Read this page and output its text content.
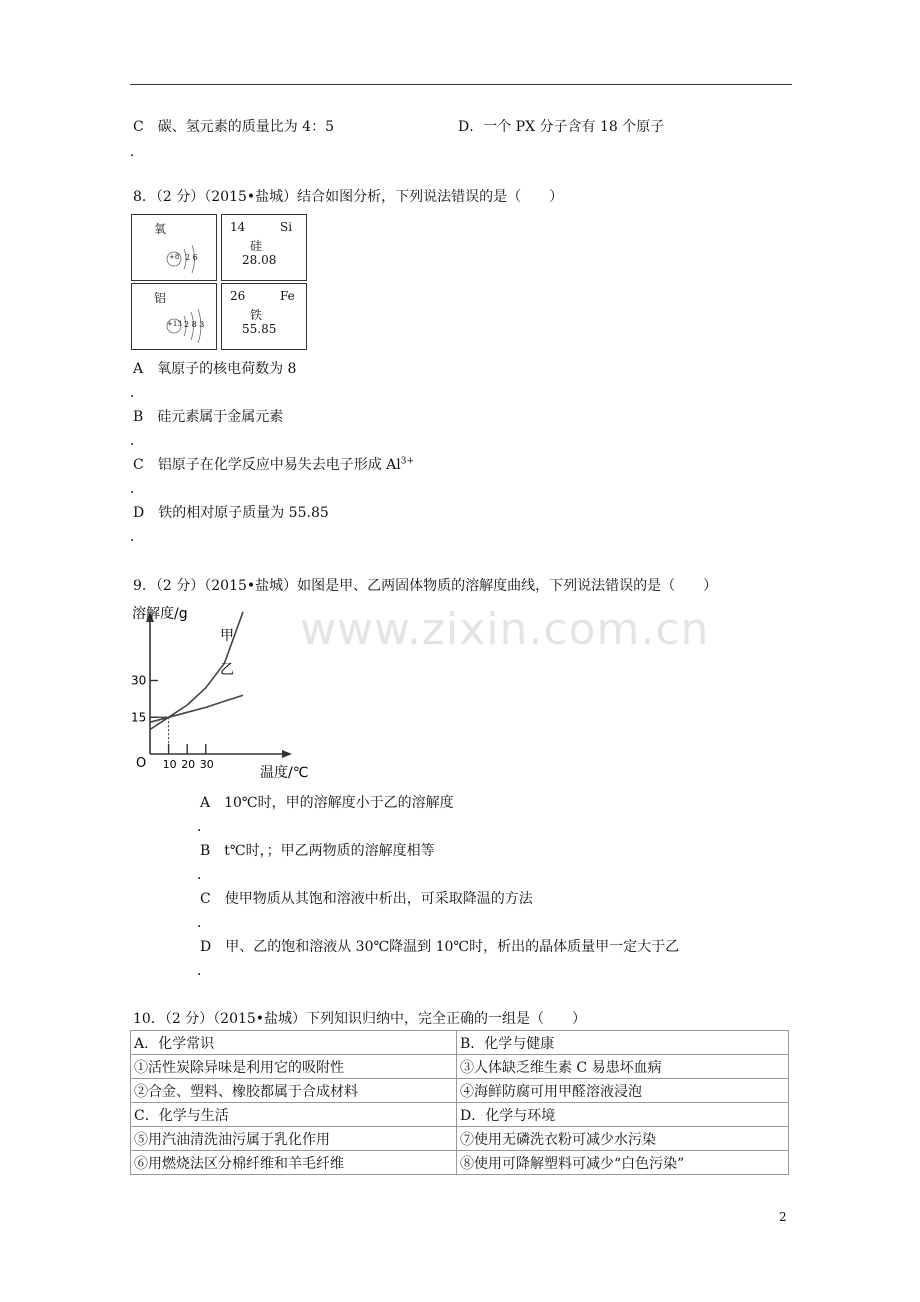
C　碳、氢元素的质量比为 4：5	D．一个 PX 分子含有 18 个原子
．
8．（2 分）（2015•盐城）结合如图分析，下列说法错误的是（　　）
氧
+8 2 6
14	Si
硅
28.08
铝
+13 2 8 3
26	Fe
铁
55.85
A　氧原子的核电荷数为 8
．
B　硅元素属于金属元素
．
C　铝原子在化学反应中易失去电子形成 $Al^{3+}$
．
D　铁的相对原子质量为 55.85
．
9．（2 分）（2015•盐城）如图是甲、乙两固体物质的溶解度曲线，下列说法错误的是（　　）
www.zixin.com.cn
溶解度/g
温度/℃
O 10 20 30
15
30
甲
乙
A　10℃时，甲的溶解度小于乙的溶解度
．
B　t℃时，；甲乙两物质的溶解度相等
．
C　使甲物质从其饱和溶液中析出，可采取降温的方法
．
D　甲、乙的饱和溶液从 30℃降温到 10℃时，析出的晶体质量甲一定大于乙
．
10．（2 分）（2015•盐城）下列知识归纳中，完全正确的一组是（　　）
A．化学常识	B．化学与健康
①活性炭除异味是利用它的吸附性	③人体缺乏维生素 C 易患坏血病
②合金、塑料、橡胶都属于合成材料	④海鲜防腐可用甲醛溶液浸泡
C．化学与生活	D．化学与环境
⑤用汽油清洗油污属于乳化作用	⑦使用无磷洗衣粉可减少水污染
⑥用燃烧法区分棉纤维和羊毛纤维	⑧使用可降解塑料可减少“白色污染”
2
